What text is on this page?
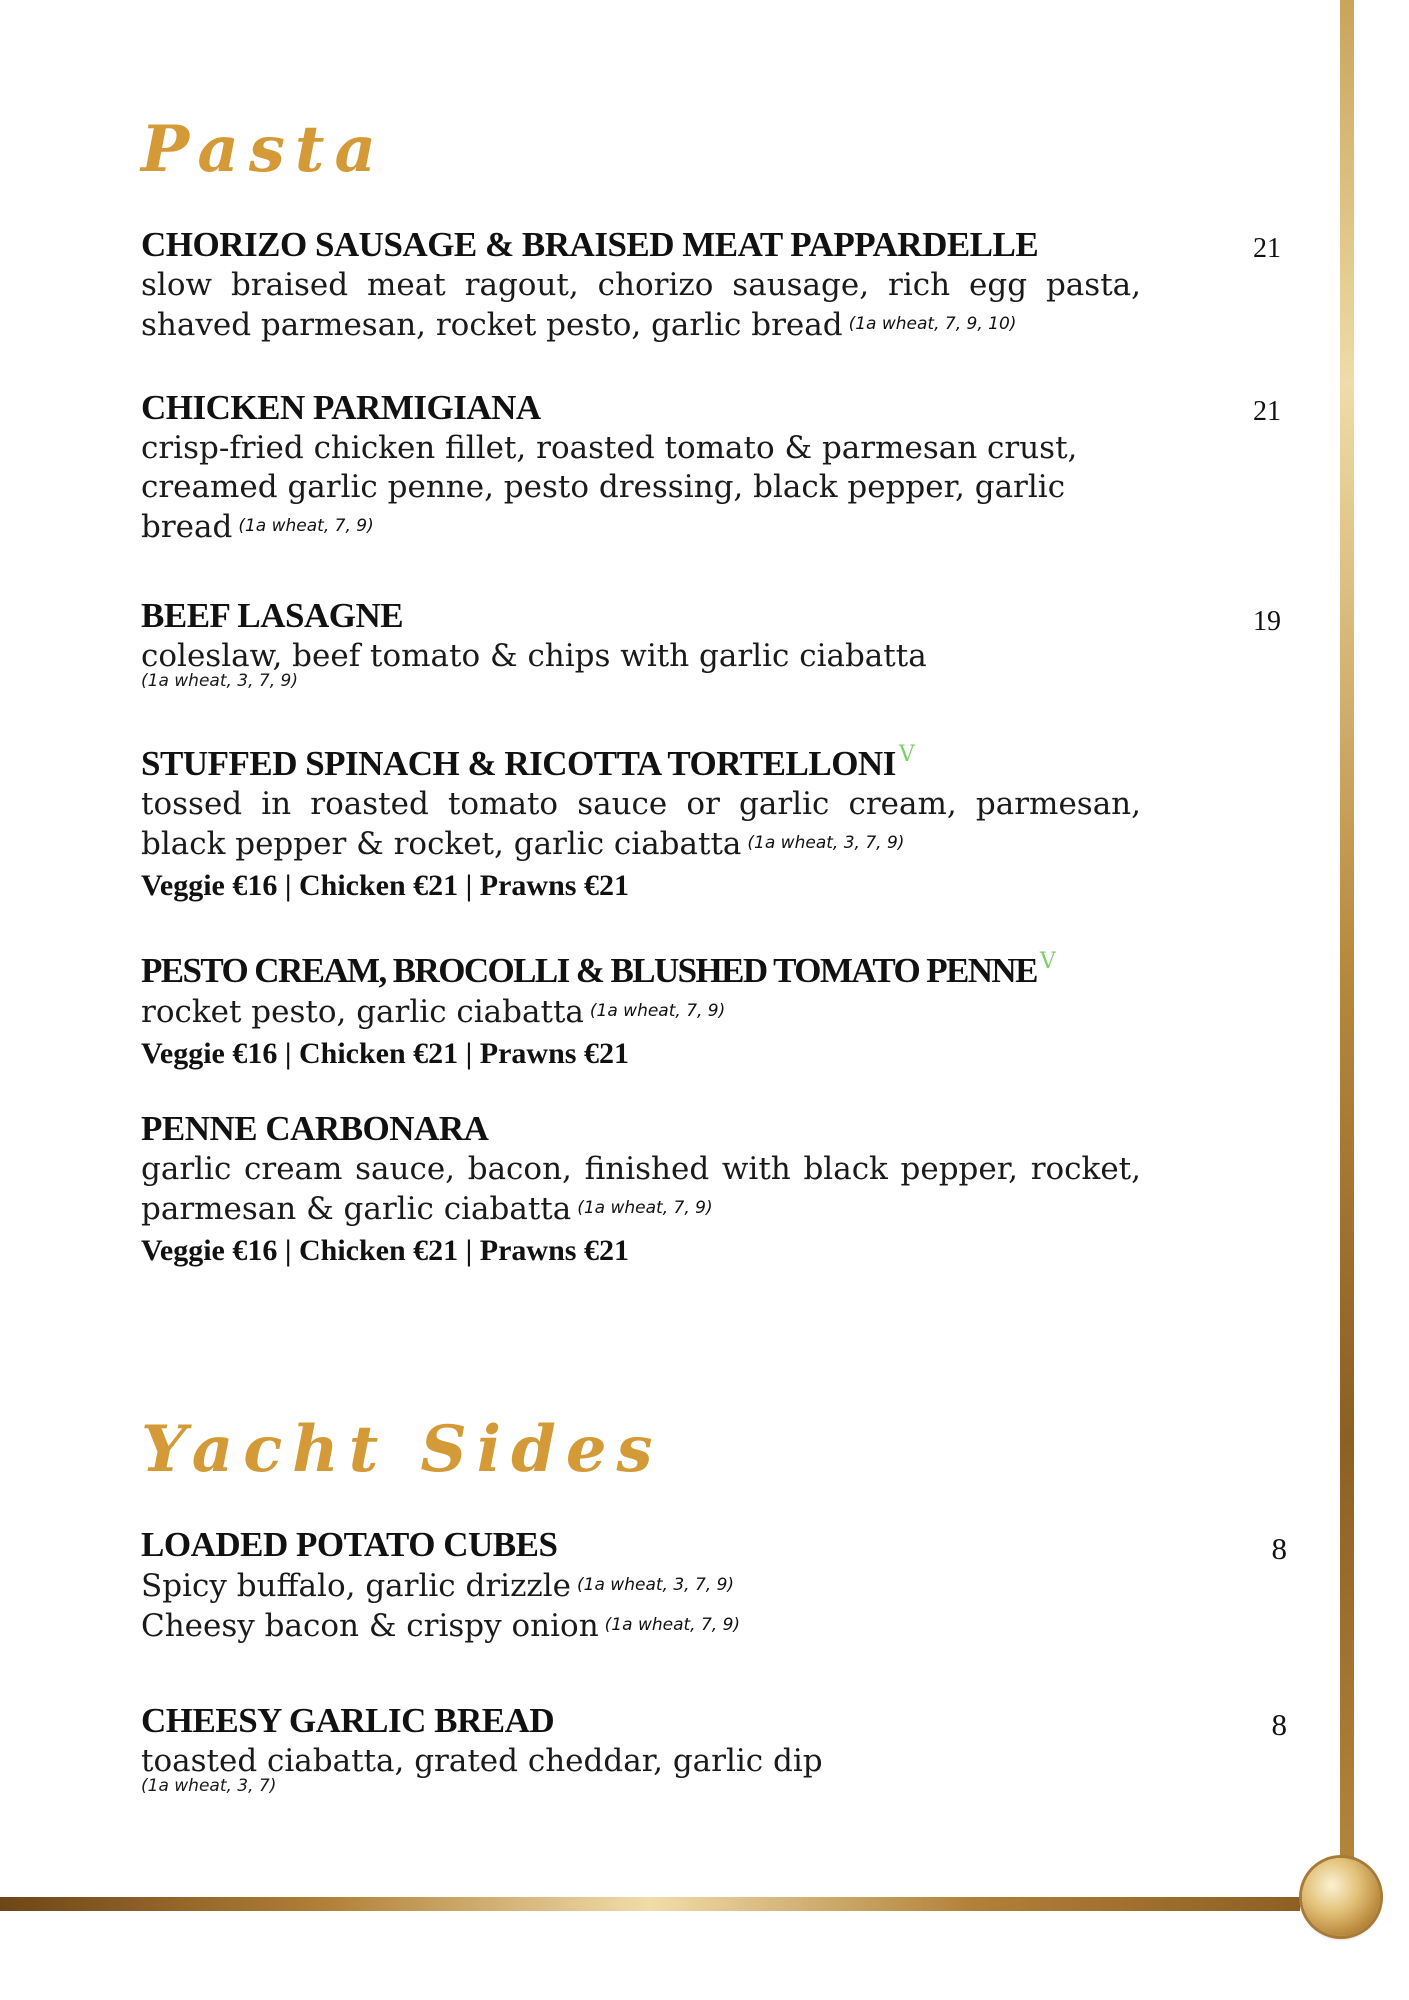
Pasta
CHORIZO SAUSAGE & BRAISED MEAT PAPPARDELLE	21
slow braised meat ragout, chorizo sausage, rich egg pasta, shaved parmesan, rocket pesto, garlic bread (1a wheat, 7, 9, 10)
CHICKEN PARMIGIANA	21
crisp-fried chicken fillet, roasted tomato & parmesan crust, creamed garlic penne, pesto dressing, black pepper, garlic bread (1a wheat, 7, 9)
BEEF LASAGNE	19
coleslaw, beef tomato & chips with garlic ciabatta
(1a wheat, 3, 7, 9)
STUFFED SPINACH & RICOTTA TORTELLONI $^V$
tossed in roasted tomato sauce or garlic cream, parmesan, black pepper & rocket, garlic ciabatta (1a wheat, 3, 7, 9)
Veggie €16 | Chicken €21 | Prawns €21
PESTO CREAM, BROCOLLI & BLUSHED TOMATO PENNE $^V$
rocket pesto, garlic ciabatta (1a wheat, 7, 9)
Veggie €16 | Chicken €21 | Prawns €21
PENNE CARBONARA
garlic cream sauce, bacon, finished with black pepper, rocket, parmesan & garlic ciabatta (1a wheat, 7, 9)
Veggie €16 | Chicken €21 | Prawns €21
Yacht Sides
LOADED POTATO CUBES	8
Spicy buffalo, garlic drizzle (1a wheat, 3, 7, 9)
Cheesy bacon & crispy onion (1a wheat, 7, 9)
CHEESY GARLIC BREAD	8
toasted ciabatta, grated cheddar, garlic dip
(1a wheat, 3, 7)
